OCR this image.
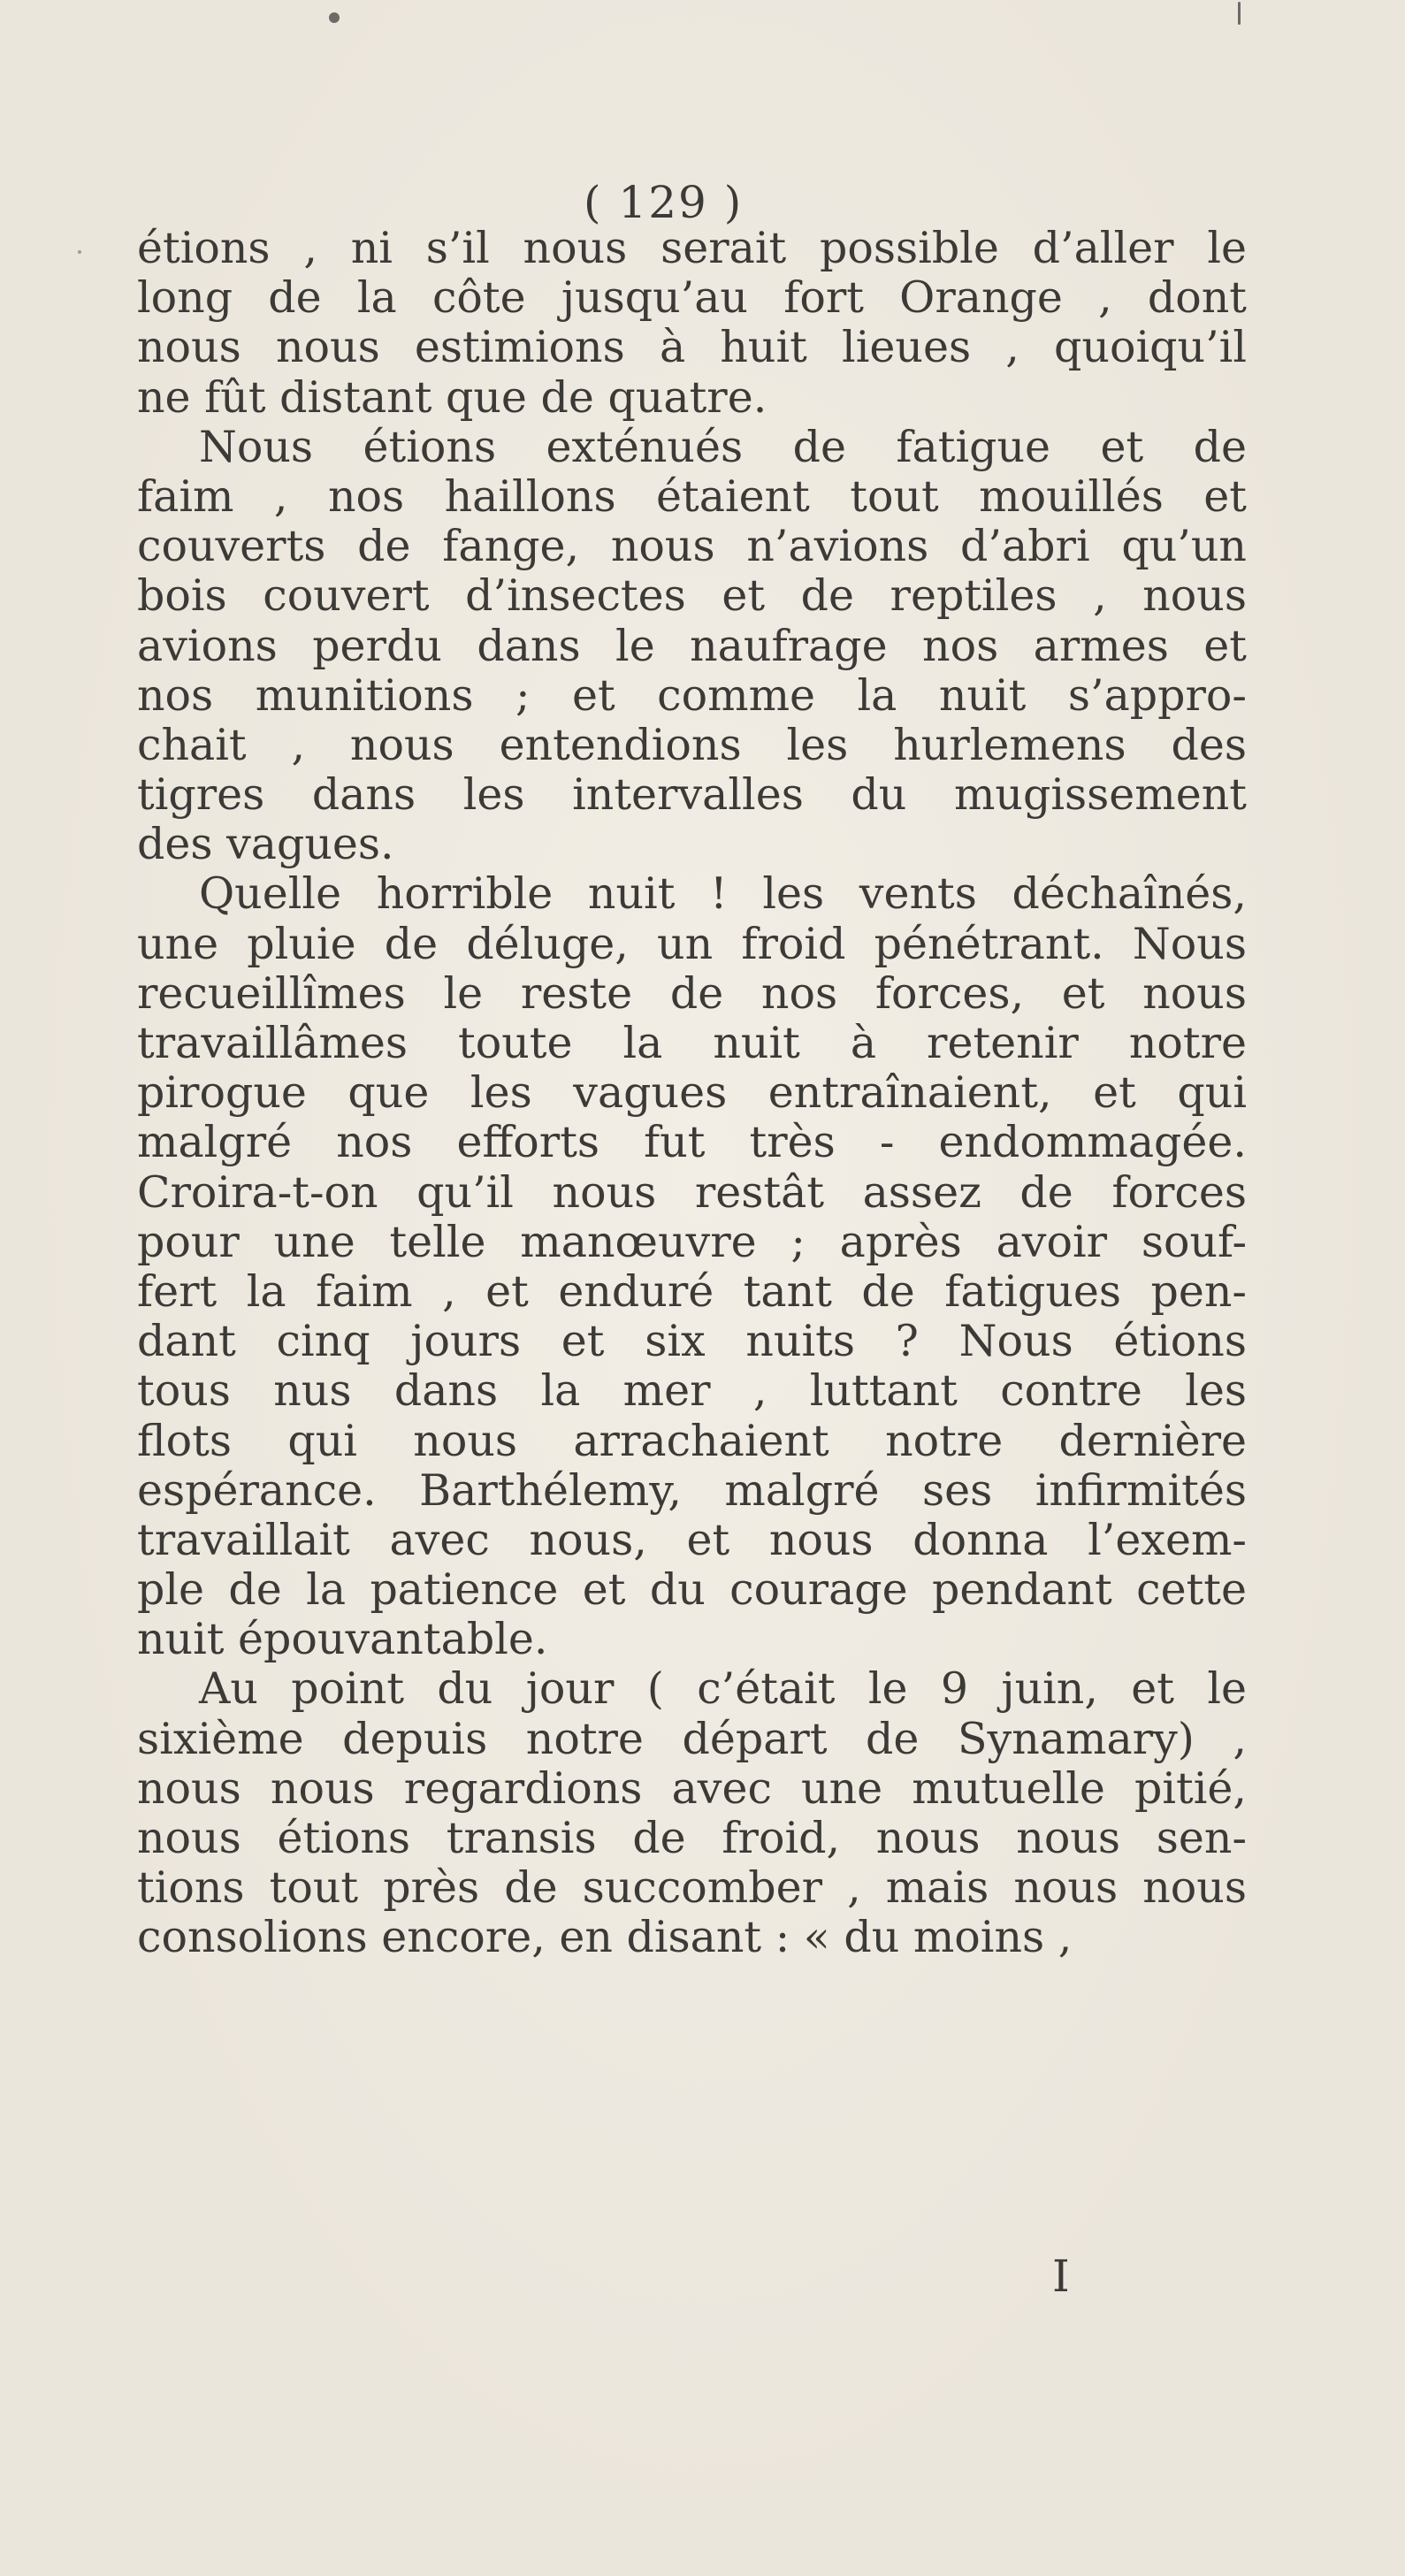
( 129 )
étions , ni s’il nous serait possible d’aller le
long de la côte jusqu’au fort Orange , dont
nous nous estimions à huit lieues , quoiqu’il
ne fût distant que de quatre.
Nous étions exténués de fatigue et de
faim , nos haillons étaient tout mouillés et
couverts de fange, nous n’avions d’abri qu’un
bois couvert d’insectes et de reptiles , nous
avions perdu dans le naufrage nos armes et
nos munitions ; et comme la nuit s’appro-
chait , nous entendions les hurlemens des
tigres dans les intervalles du mugissement
des vagues.
Quelle horrible nuit ! les vents déchaînés,
une pluie de déluge, un froid pénétrant. Nous
recueillîmes le reste de nos forces, et nous
travaillâmes toute la nuit à retenir notre
pirogue que les vagues entraînaient, et qui
malgré nos efforts fut très - endommagée.
Croira-t-on qu’il nous restât assez de forces
pour une telle manœuvre ; après avoir souf-
fert la faim , et enduré tant de fatigues pen-
dant cinq jours et six nuits ? Nous étions
tous nus dans la mer , luttant contre les
flots qui nous arrachaient notre dernière
espérance. Barthélemy, malgré ses infirmités
travaillait avec nous, et nous donna l’exem-
ple de la patience et du courage pendant cette
nuit épouvantable.
Au point du jour ( c’était le 9 juin, et le
sixième depuis notre départ de Synamary) ,
nous nous regardions avec une mutuelle pitié,
nous étions transis de froid, nous nous sen-
tions tout près de succomber , mais nous nous
consolions encore, en disant : « du moins ,
I
